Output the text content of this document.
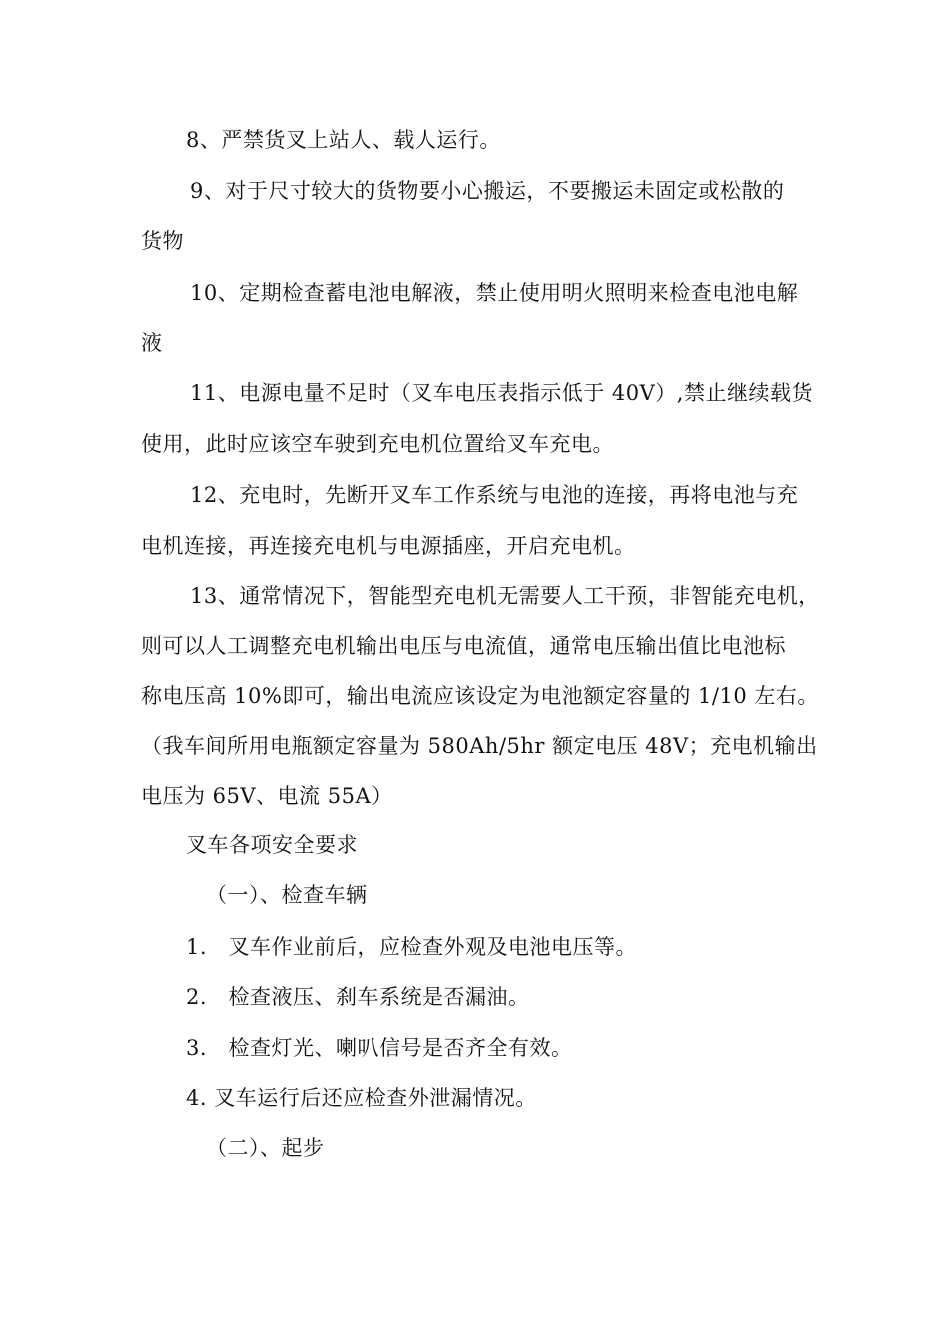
8、严禁货叉上站人、载人运行。
9、对于尺寸较大的货物要小心搬运，不要搬运未固定或松散的
货物
10、定期检查蓄电池电解液，禁止使用明火照明来检查电池电解
液
11、电源电量不足时（叉车电压表指示低于 40V）,禁止继续载货
使用，此时应该空车驶到充电机位置给叉车充电。
12、充电时，先断开叉车工作系统与电池的连接，再将电池与充
电机连接，再连接充电机与电源插座，开启充电机。
13、通常情况下，智能型充电机无需要人工干预，非智能充电机，
则可以人工调整充电机输出电压与电流值，通常电压输出值比电池标
称电压高 10%即可，输出电流应该设定为电池额定容量的 1/10 左右。
（我车间所用电瓶额定容量为 580Ah/5hr 额定电压 48V；充电机输出
电压为 65V、电流 55A）
叉车各项安全要求
（一）、检查车辆
1.　叉车作业前后，应检查外观及电池电压等。
2.　检查液压、刹车系统是否漏油。
3.　检查灯光、喇叭信号是否齐全有效。
4. 叉车运行后还应检查外泄漏情况。
（二）、起步
